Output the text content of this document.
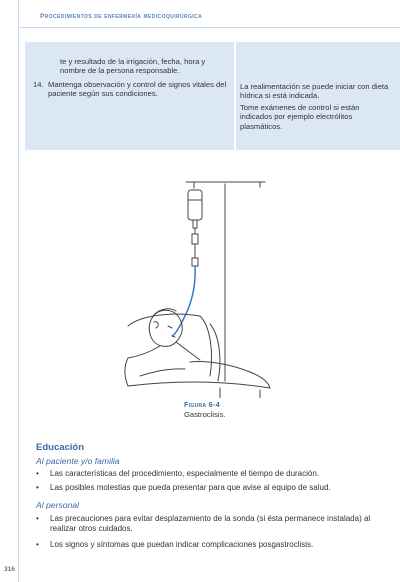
Procedimientos de enfermería medicoquirúrgica
te y resultado de la irrigación, fecha, hora y nombre de la persona responsable.
14. Mantenga observación y control de signos vitales del paciente según sus condiciones.
La realimentación se puede iniciar con dieta hídrica si está indicada.
Tome exámenes de control si están indicados por ejemplo electrólitos plasmáticos.
Figura 6-4
Gastroclisis.
Educación
Al paciente y/o familia
• Las características del procedimiento, especialmente el tiempo de duración.
• Las posibles molestias que pueda presentar para que avise al equipo de salud.
Al personal
• Las precauciones para evitar desplazamiento de la sonda (si ésta permanece instalada) al realizar otros cuidados.
• Los signos y síntomas que puedan indicar complicaciones posgastroclisis.
316
